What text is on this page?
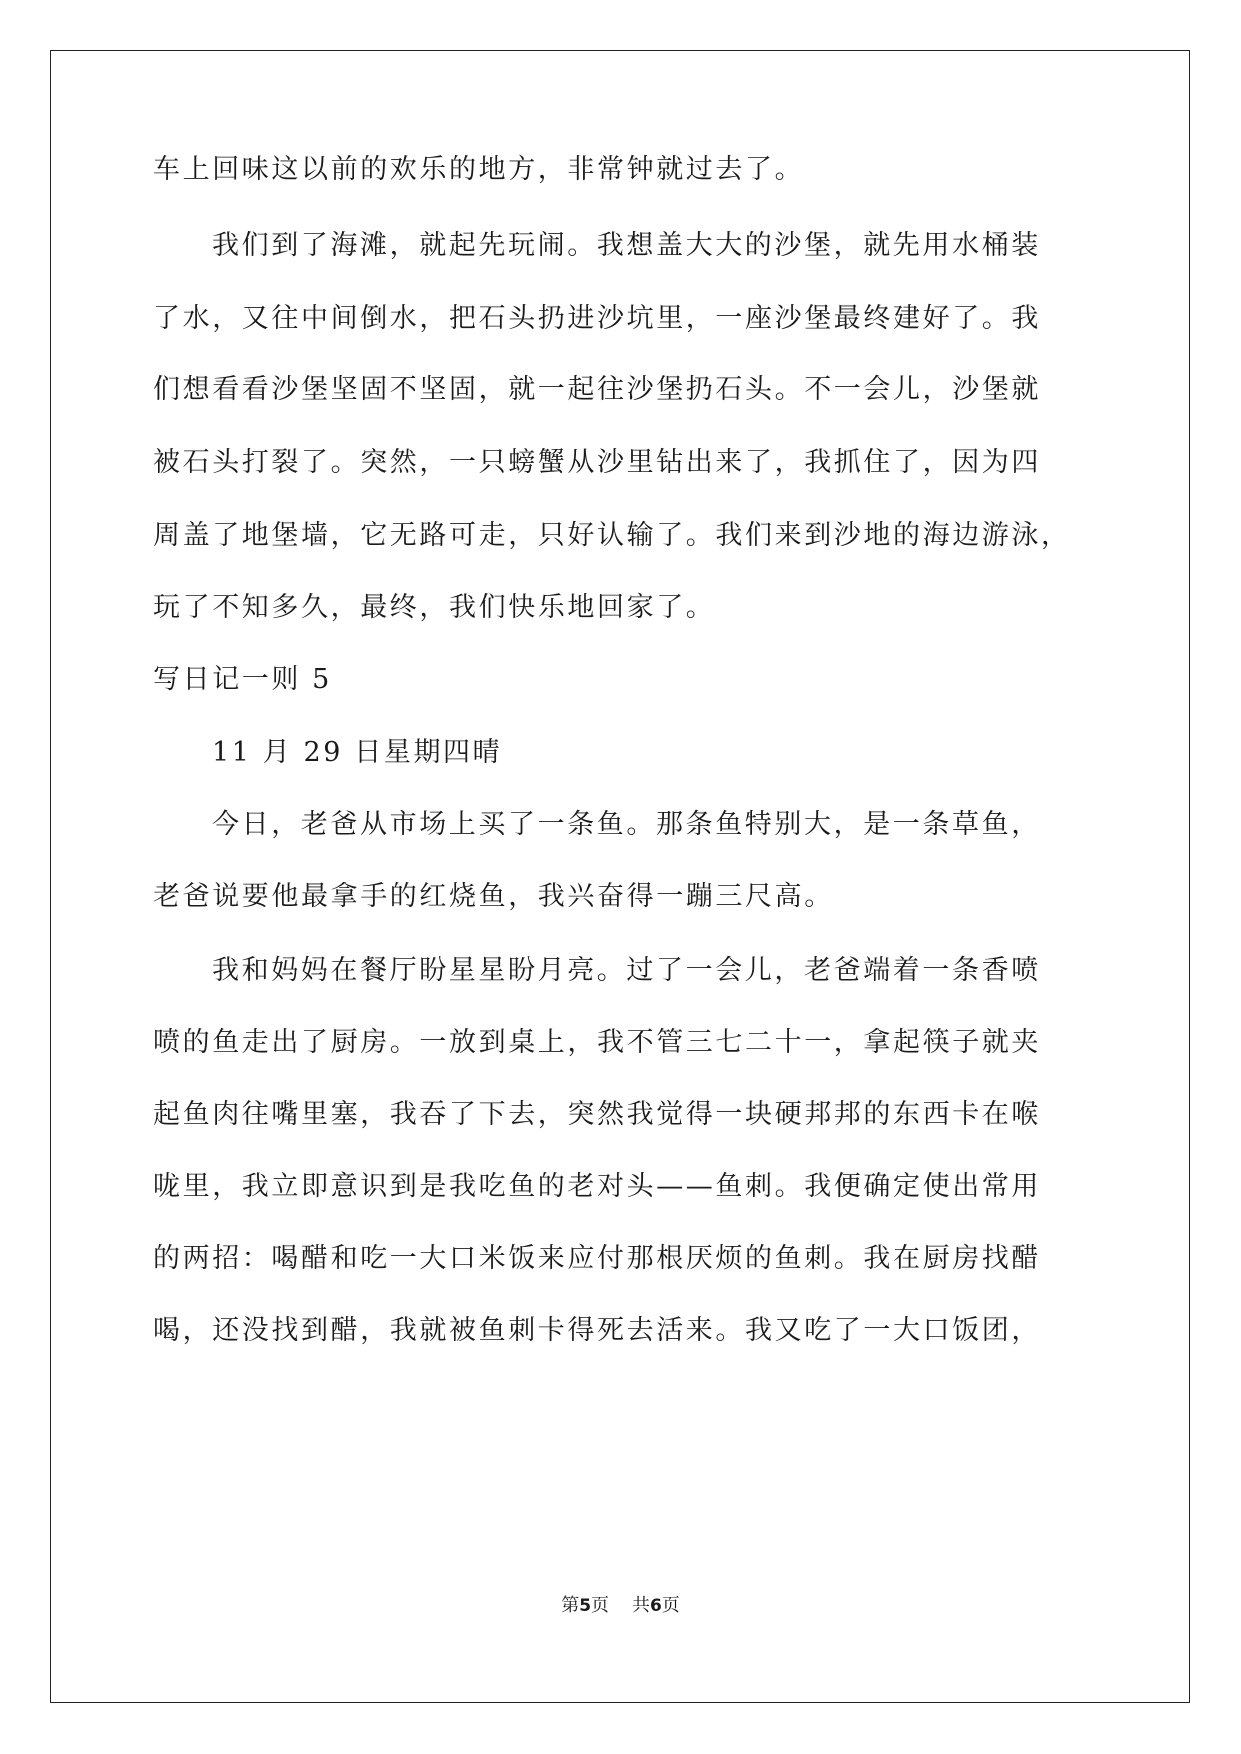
车上回味这以前的欢乐的地方，非常钟就过去了。
我们到了海滩，就起先玩闹。我想盖大大的沙堡，就先用水桶装
了水，又往中间倒水，把石头扔进沙坑里，一座沙堡最终建好了。我
们想看看沙堡坚固不坚固，就一起往沙堡扔石头。不一会儿，沙堡就
被石头打裂了。突然，一只螃蟹从沙里钻出来了，我抓住了，因为四
周盖了地堡墙，它无路可走，只好认输了。我们来到沙地的海边游泳，
玩了不知多久，最终，我们快乐地回家了。
写日记一则 5
11 月 29 日星期四晴
今日，老爸从市场上买了一条鱼。那条鱼特别大，是一条草鱼，
老爸说要他最拿手的红烧鱼，我兴奋得一蹦三尺高。
我和妈妈在餐厅盼星星盼月亮。过了一会儿，老爸端着一条香喷
喷的鱼走出了厨房。一放到桌上，我不管三七二十一，拿起筷子就夹
起鱼肉往嘴里塞，我吞了下去，突然我觉得一块硬邦邦的东西卡在喉
咙里，我立即意识到是我吃鱼的老对头——鱼刺。我便确定使出常用
的两招：喝醋和吃一大口米饭来应付那根厌烦的鱼刺。我在厨房找醋
喝，还没找到醋，我就被鱼刺卡得死去活来。我又吃了一大口饭团，
第5页 共6页
